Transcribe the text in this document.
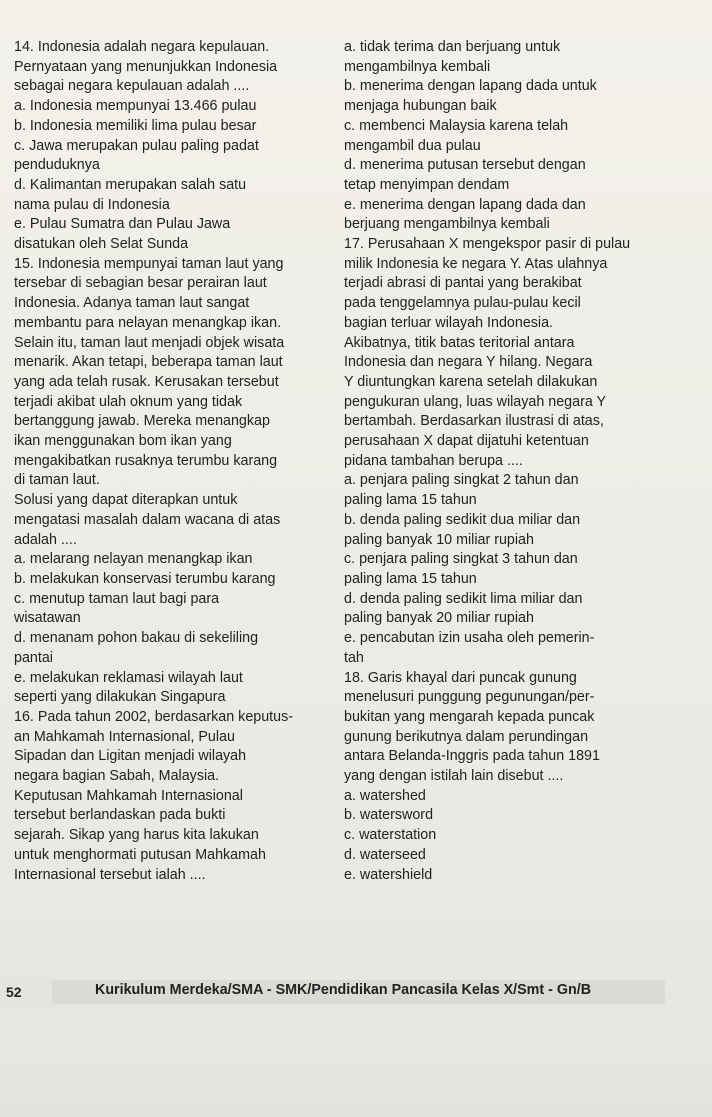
14. Indonesia adalah negara kepulauan.
Pernyataan yang menunjukkan Indonesia
sebagai negara kepulauan adalah ....
a. Indonesia mempunyai 13.466 pulau
b. Indonesia memiliki lima pulau besar
c. Jawa merupakan pulau paling padat
penduduknya
d. Kalimantan merupakan salah satu
nama pulau di Indonesia
e. Pulau Sumatra dan Pulau Jawa
disatukan oleh Selat Sunda
15. Indonesia mempunyai taman laut yang
tersebar di sebagian besar perairan laut
Indonesia. Adanya taman laut sangat
membantu para nelayan menangkap ikan.
Selain itu, taman laut menjadi objek wisata
menarik. Akan tetapi, beberapa taman laut
yang ada telah rusak. Kerusakan tersebut
terjadi akibat ulah oknum yang tidak
bertanggung jawab. Mereka menangkap
ikan menggunakan bom ikan yang
mengakibatkan rusaknya terumbu karang
di taman laut.
Solusi yang dapat diterapkan untuk
mengatasi masalah dalam wacana di atas
adalah ....
a. melarang nelayan menangkap ikan
b. melakukan konservasi terumbu karang
c. menutup taman laut bagi para
wisatawan
d. menanam pohon bakau di sekeliling
pantai
e. melakukan reklamasi wilayah laut
seperti yang dilakukan Singapura
16. Pada tahun 2002, berdasarkan keputus-
an Mahkamah Internasional, Pulau
Sipadan dan Ligitan menjadi wilayah
negara bagian Sabah, Malaysia.
Keputusan Mahkamah Internasional
tersebut berlandaskan pada bukti
sejarah. Sikap yang harus kita lakukan
untuk menghormati putusan Mahkamah
Internasional tersebut ialah ....
a. tidak terima dan berjuang untuk
mengambilnya kembali
b. menerima dengan lapang dada untuk
menjaga hubungan baik
c. membenci Malaysia karena telah
mengambil dua pulau
d. menerima putusan tersebut dengan
tetap menyimpan dendam
e. menerima dengan lapang dada dan
berjuang mengambilnya kembali
17. Perusahaan X mengekspor pasir di pulau
milik Indonesia ke negara Y. Atas ulahnya
terjadi abrasi di pantai yang berakibat
pada tenggelamnya pulau-pulau kecil
bagian terluar wilayah Indonesia.
Akibatnya, titik batas teritorial antara
Indonesia dan negara Y hilang. Negara
Y diuntungkan karena setelah dilakukan
pengukuran ulang, luas wilayah negara Y
bertambah. Berdasarkan ilustrasi di atas,
perusahaan X dapat dijatuhi ketentuan
pidana tambahan berupa ....
a. penjara paling singkat 2 tahun dan
paling lama 15 tahun
b. denda paling sedikit dua miliar dan
paling banyak 10 miliar rupiah
c. penjara paling singkat 3 tahun dan
paling lama 15 tahun
d. denda paling sedikit lima miliar dan
paling banyak 20 miliar rupiah
e. pencabutan izin usaha oleh pemerin-
tah
18. Garis khayal dari puncak gunung
menelusuri punggung pegunungan/per-
bukitan yang mengarah kepada puncak
gunung berikutnya dalam perundingan
antara Belanda-Inggris pada tahun 1891
yang dengan istilah lain disebut ....
a. watershed
b. watersword
c. waterstation
d. waterseed
e. watershield
52	Kurikulum Merdeka/SMA - SMK/Pendidikan Pancasila Kelas X/Smt - Gn/B
